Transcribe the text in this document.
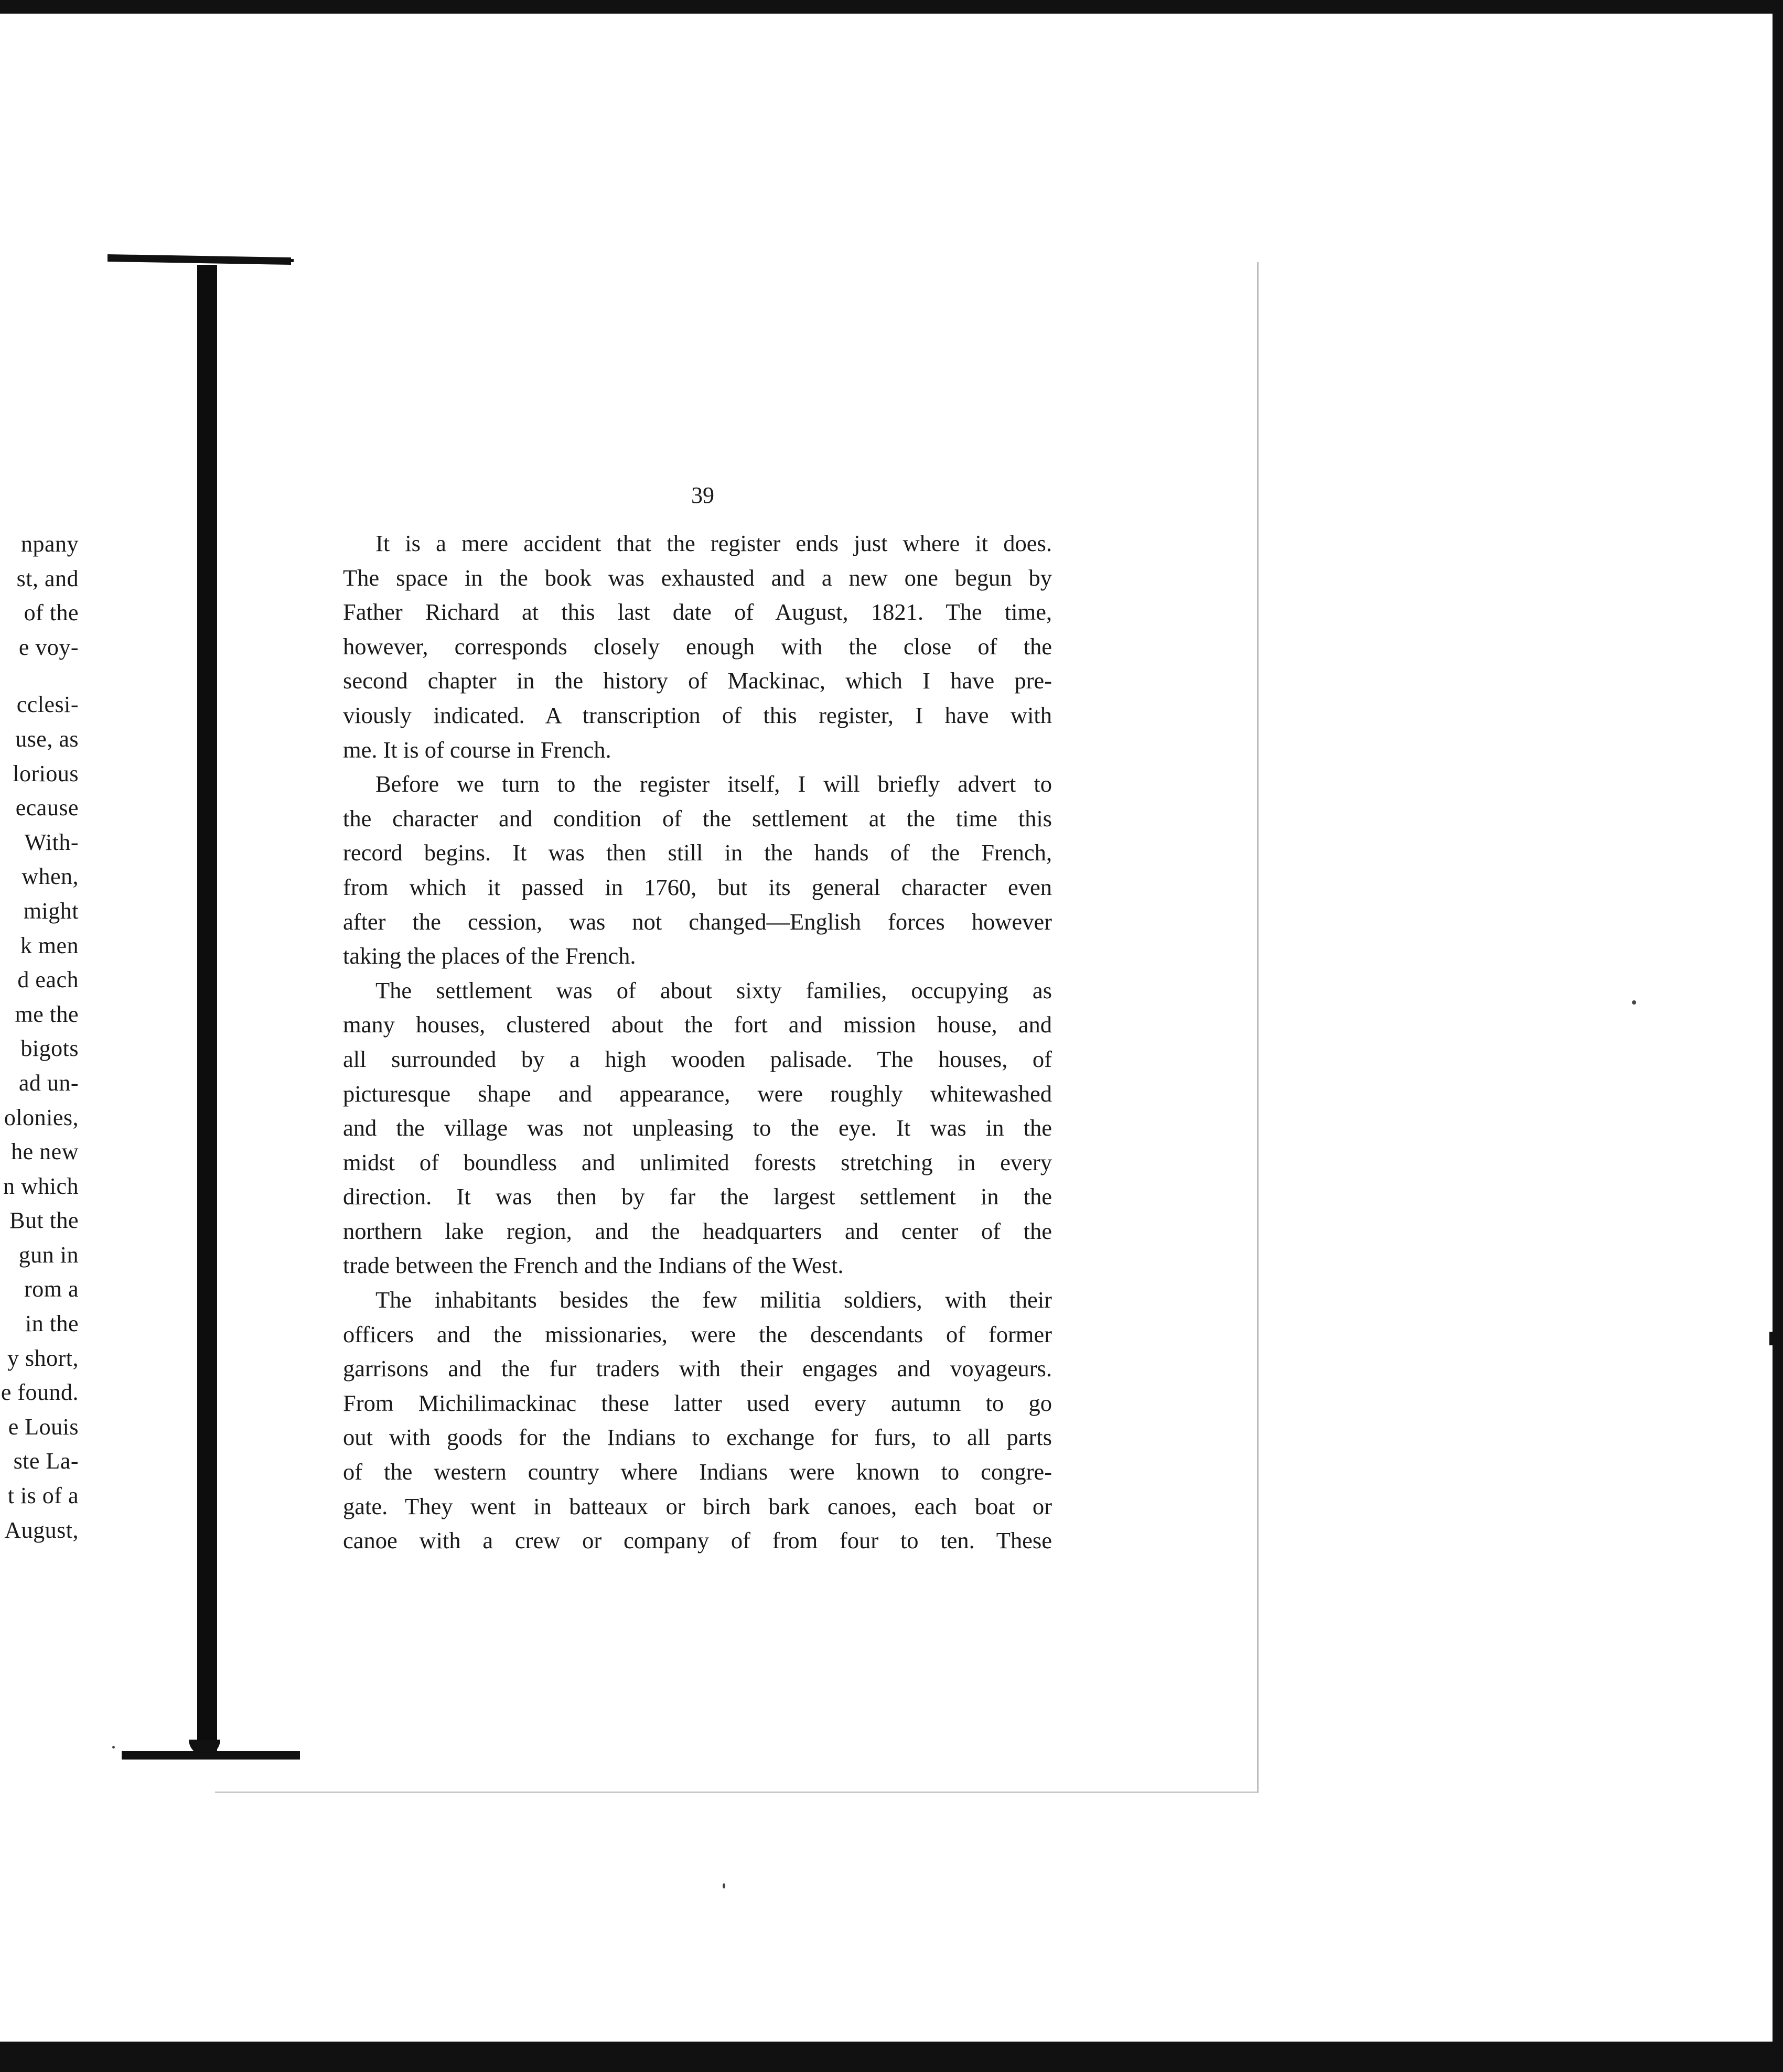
npany
st, and
of the
e voy-
cclesi-
use, as
lorious
ecause
With-
when,
might
k men
d each
me the
bigots
ad un-
olonies,
he new
n which
But the
gun in
rom a
in the
y short,
e found.
e Louis
ste La-
t is of a
August,
39

It is a mere accident that the register ends just where it does.
The space in the book was exhausted and a new one begun by
Father Richard at this last date of August, 1821. The time,
however, corresponds closely enough with the close of the
second chapter in the history of Mackinac, which I have pre-
viously indicated. A transcription of this register, I have with
me. It is of course in French.

Before we turn to the register itself, I will briefly advert to
the character and condition of the settlement at the time this
record begins. It was then still in the hands of the French,
from which it passed in 1760, but its general character even
after the cession, was not changed—English forces however
taking the places of the French.

The settlement was of about sixty families, occupying as
many houses, clustered about the fort and mission house, and
all surrounded by a high wooden palisade. The houses, of
picturesque shape and appearance, were roughly whitewashed
and the village was not unpleasing to the eye. It was in the
midst of boundless and unlimited forests stretching in every
direction. It was then by far the largest settlement in the
northern lake region, and the headquarters and center of the
trade between the French and the Indians of the West.

The inhabitants besides the few militia soldiers, with their
officers and the missionaries, were the descendants of former
garrisons and the fur traders with their engages and voyageurs.
From Michilimackinac these latter used every autumn to go
out with goods for the Indians to exchange for furs, to all parts
of the western country where Indians were known to congre-
gate. They went in batteaux or birch bark canoes, each boat or
canoe with a crew or company of from four to ten. These
